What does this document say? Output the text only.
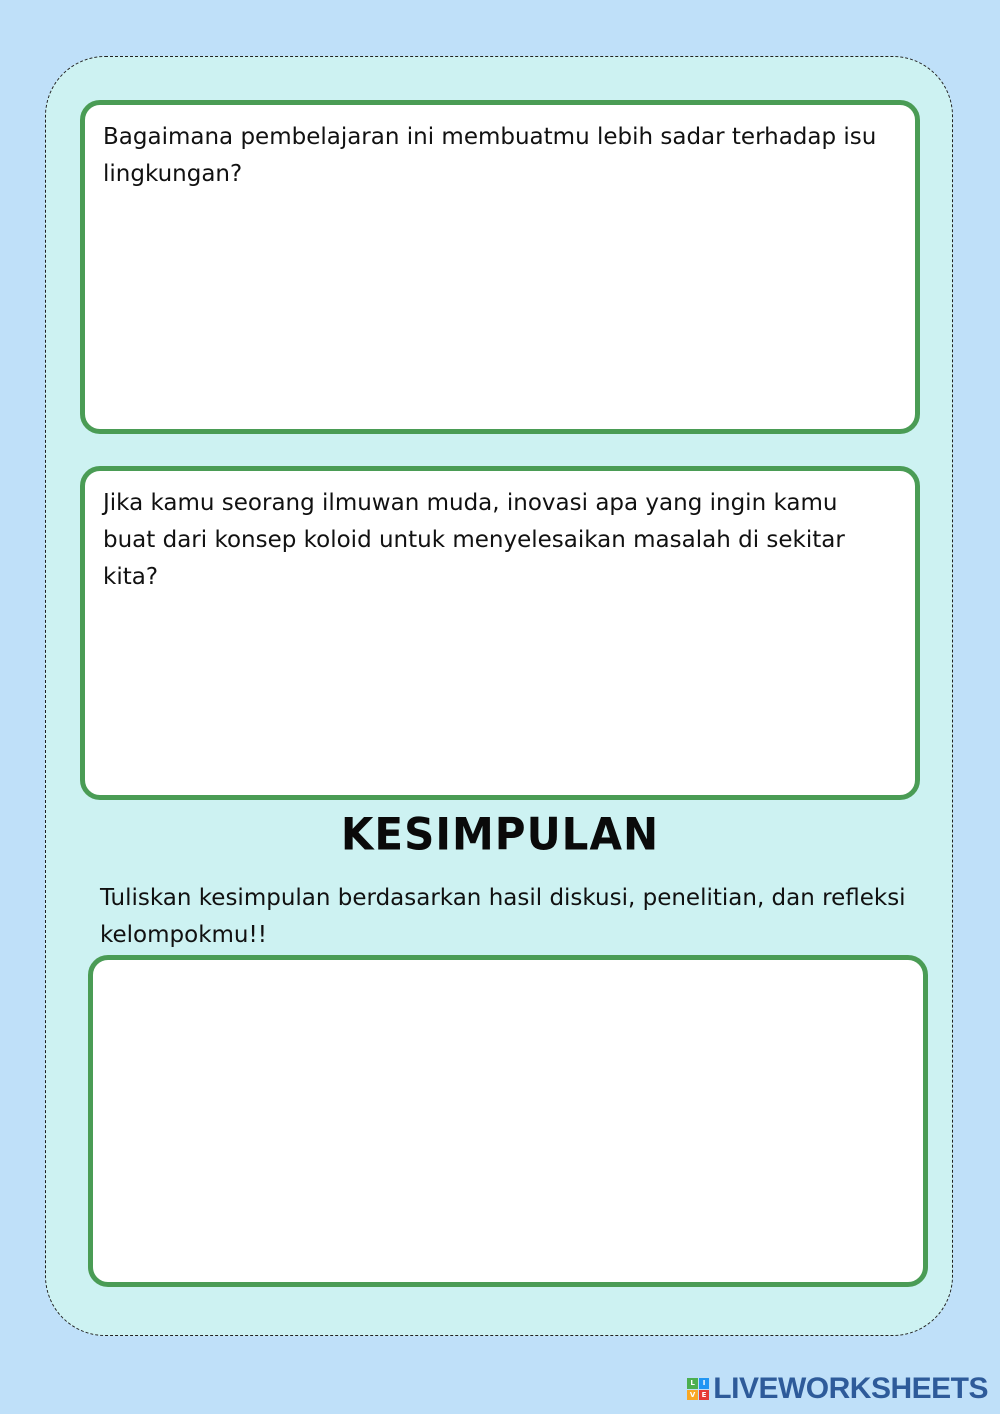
Bagaimana pembelajaran ini membuatmu lebih sadar terhadap isu lingkungan?
Jika kamu seorang ilmuwan muda, inovasi apa yang ingin kamu buat dari konsep koloid untuk menyelesaikan masalah di sekitar kita?
KESIMPULAN
Tuliskan kesimpulan berdasarkan hasil diskusi, penelitian, dan refleksi kelompokmu!!
L	I
V E LIVEWORKSHEETS
